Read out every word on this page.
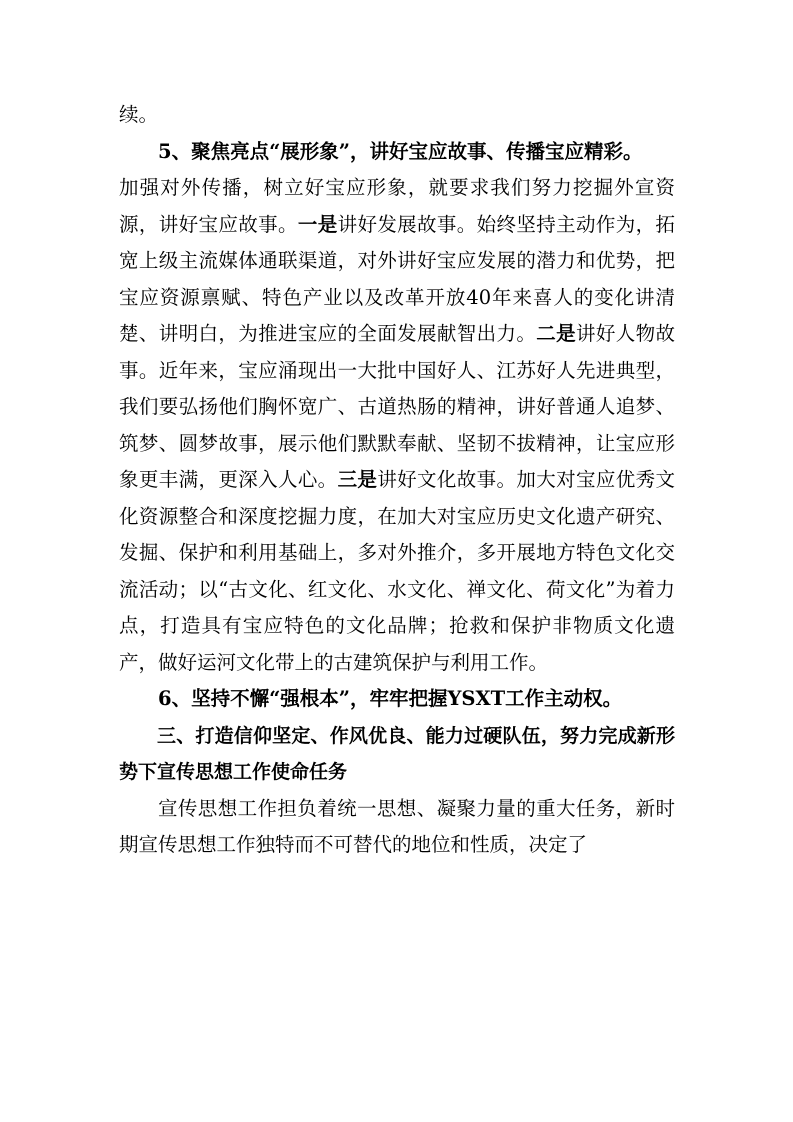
续。

5、聚焦亮点“展形象”，讲好宝应故事、传播宝应精彩。

加强对外传播，树立好宝应形象，就要求我们努力挖掘外宣资源，讲好宝应故事。一是讲好发展故事。始终坚持主动作为，拓宽上级主流媒体通联渠道，对外讲好宝应发展的潜力和优势，把宝应资源禀赋、特色产业以及改革开放40年来喜人的变化讲清楚、讲明白，为推进宝应的全面发展献智出力。二是讲好人物故事。近年来，宝应涌现出一大批中国好人、江苏好人先进典型，我们要弘扬他们胸怀宽广、古道热肠的精神，讲好普通人追梦、筑梦、圆梦故事，展示他们默默奉献、坚韧不拔精神，让宝应形象更丰满，更深入人心。三是讲好文化故事。加大对宝应优秀文化资源整合和深度挖掘力度，在加大对宝应历史文化遗产研究、发掘、保护和利用基础上，多对外推介，多开展地方特色文化交流活动；以“古文化、红文化、水文化、禅文化、荷文化”为着力点，打造具有宝应特色的文化品牌；抢救和保护非物质文化遗产，做好运河文化带上的古建筑保护与利用工作。

6、坚持不懈“强根本”，牢牢把握YSXT工作主动权。

三、打造信仰坚定、作风优良、能力过硬队伍，努力完成新形势下宣传思想工作使命任务

宣传思想工作担负着统一思想、凝聚力量的重大任务，新时期宣传思想工作独特而不可替代的地位和性质，决定了
